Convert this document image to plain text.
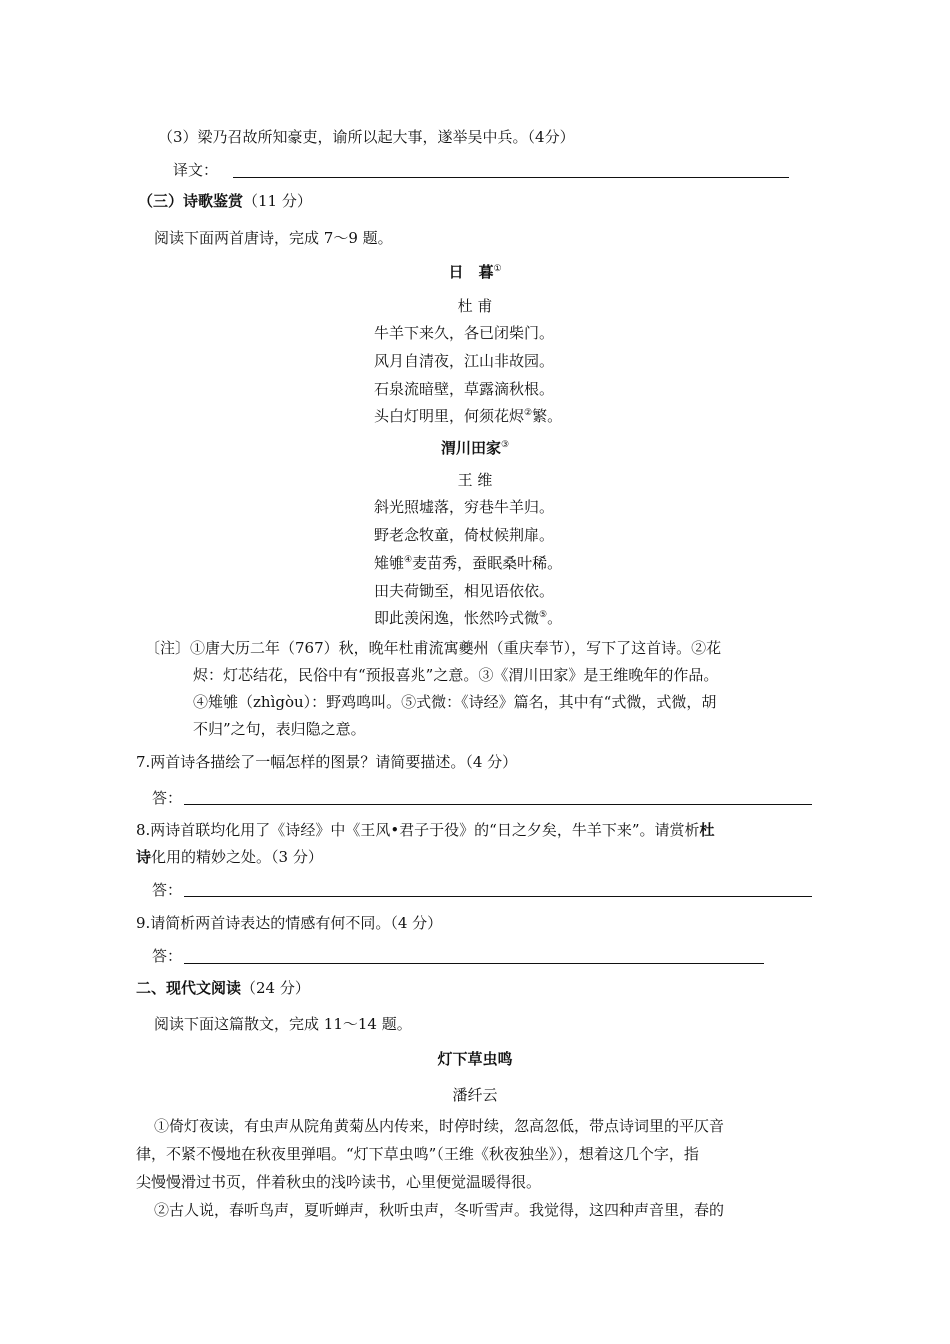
（3）梁乃召故所知豪吏，谕所以起大事，遂举吴中兵。（4分）
译文：
（三）诗歌鉴赏（11 分）
阅读下面两首唐诗，完成 7～9 题。
日　暮①
杜 甫
牛羊下来久，各已闭柴门。
风月自清夜，江山非故园。
石泉流暗壁，草露滴秋根。
头白灯明里，何须花烬②繁。
渭川田家③
王 维
斜光照墟落，穷巷牛羊归。
野老念牧童，倚杖候荆扉。
雉雊④麦苗秀，蚕眠桑叶稀。
田夫荷锄至，相见语依依。
即此羡闲逸，怅然吟式微⑤。
〔注〕①唐大历二年（767）秋，晚年杜甫流寓夔州（重庆奉节），写下了这首诗。②花
烬：灯芯结花，民俗中有“预报喜兆”之意。③《渭川田家》是王维晚年的作品。
④雉雊（zhìgòu）：野鸡鸣叫。⑤式微：《诗经》篇名，其中有“式微，式微，胡
不归”之句，表归隐之意。
7.两首诗各描绘了一幅怎样的图景？请简要描述。（4 分）
答：
8.两诗首联均化用了《诗经》中《王风•君子于役》的“日之夕矣，牛羊下来”。请赏析杜
诗化用的精妙之处。（3 分）
答：
9.请简析两首诗表达的情感有何不同。（4 分）
答：
二、现代文阅读（24 分）
阅读下面这篇散文，完成 11～14 题。
灯下草虫鸣
潘纤云
①倚灯夜读，有虫声从院角黄菊丛内传来，时停时续，忽高忽低，带点诗词里的平仄音
律，不紧不慢地在秋夜里弹唱。“灯下草虫鸣”（王维《秋夜独坐》），想着这几个字，指
尖慢慢滑过书页，伴着秋虫的浅吟读书，心里便觉温暖得很。
②古人说，春听鸟声，夏听蝉声，秋听虫声，冬听雪声。我觉得，这四种声音里，春的
